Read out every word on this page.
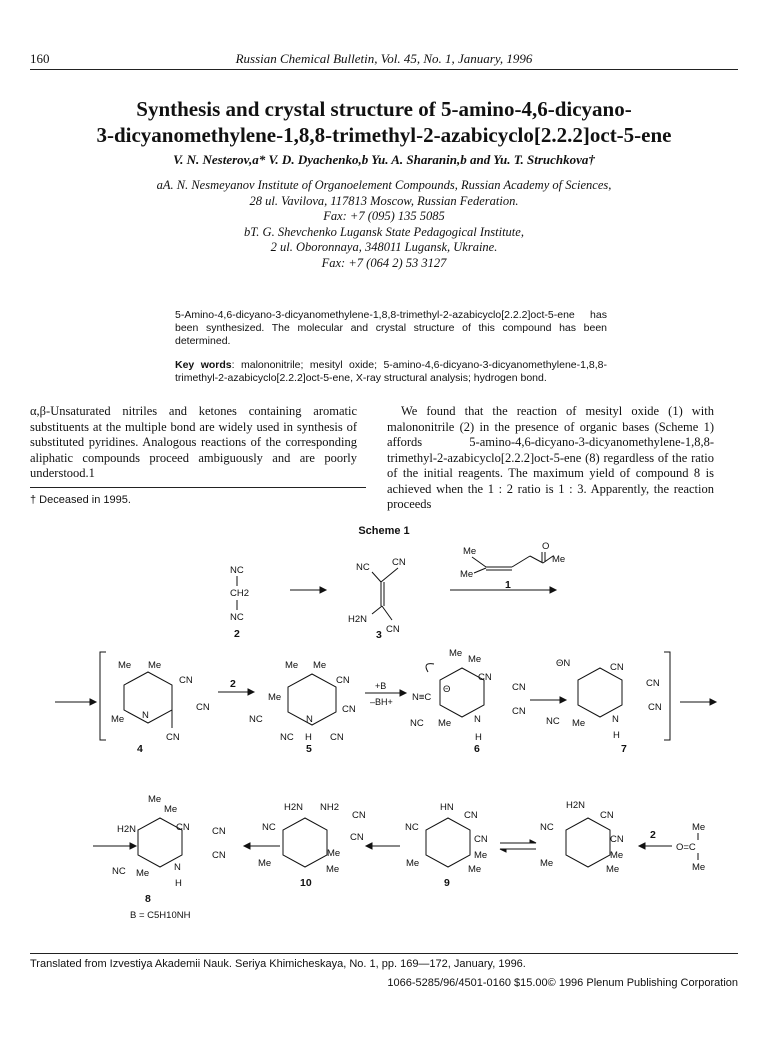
160	Russian Chemical Bulletin, Vol. 45, No. 1, January, 1996
Synthesis and crystal structure of 5-amino-4,6-dicyano-
3-dicyanomethylene-1,8,8-trimethyl-2-azabicyclo[2.2.2]oct-5-ene
V. N. Nesterov,a* V. D. Dyachenko,b Yu. A. Sharanin,b and Yu. T. Struchkova†
aA. N. Nesmeyanov Institute of Organoelement Compounds, Russian Academy of Sciences,
28 ul. Vavilova, 117813 Moscow, Russian Federation.
Fax: +7 (095) 135 5085
bT. G. Shevchenko Lugansk State Pedagogical Institute,
2 ul. Oboronnaya, 348011 Lugansk, Ukraine.
Fax: +7 (064 2) 53 3127
5-Amino-4,6-dicyano-3-dicyanomethylene-1,8,8-trimethyl-2-azabicyclo[2.2.2]oct-5-ene has been synthesized. The molecular and crystal structure of this compound has been determined.
Key words: malononitrile; mesityl oxide; 5-amino-4,6-dicyano-3-dicyanomethylene-1,8,8-trimethyl-2-azabicyclo[2.2.2]oct-5-ene, X-ray structural analysis; hydrogen bond.

α,β-Unsaturated nitriles and ketones containing aromatic substituents at the multiple bond are widely used in synthesis of substituted pyridines. Analogous reactions of the corresponding aliphatic compounds proceed ambiguously and are poorly understood.1

† Deceased in 1995.
We found that the reaction of mesityl oxide (1) with malononitrile (2) in the presence of organic bases (Scheme 1) affords 5-amino-4,6-dicyano-3-dicyanomethylene-1,8,8-trimethyl-2-azabicyclo[2.2.2]oct-5-ene (8) regardless of the ratio of the initial reagents. The maximum yield of compound 8 is achieved when the 1 : 2 ratio is 1 : 3. Apparently, the reaction proceeds
Scheme 1
NC
CH2
NC
2
NC CN
H2N
CN
3
Me	O
Me
Me
1
Me Me
CN
Me N
CN
CN
4
2
Me Me
CN
Me
NC	N
CN
NC H CN
5
+B
–BH+
Me
Me
CN
CN
N≡C
Θ
CN
NC Me N
H
6
ΘN	CN
CN
CN
NC Me	N
H
7
Me
Me
H2N	CN CN
CN
NC Me
N
H
8
B = C5H10NH
H2N NH2
CN
CN
NC
Me
Me
Me
10
HN
CN
NC
CN
Me
Me
Me
9
H2N
CN
NC
CN
Me
Me
Me
2
Me
O=C
Me
Translated from Izvestiya Akademii Nauk. Seriya Khimicheskaya, No. 1, pp. 169—172, January, 1996.
1066-5285/96/4501-0160 $15.00© 1996 Plenum Publishing Corporation
